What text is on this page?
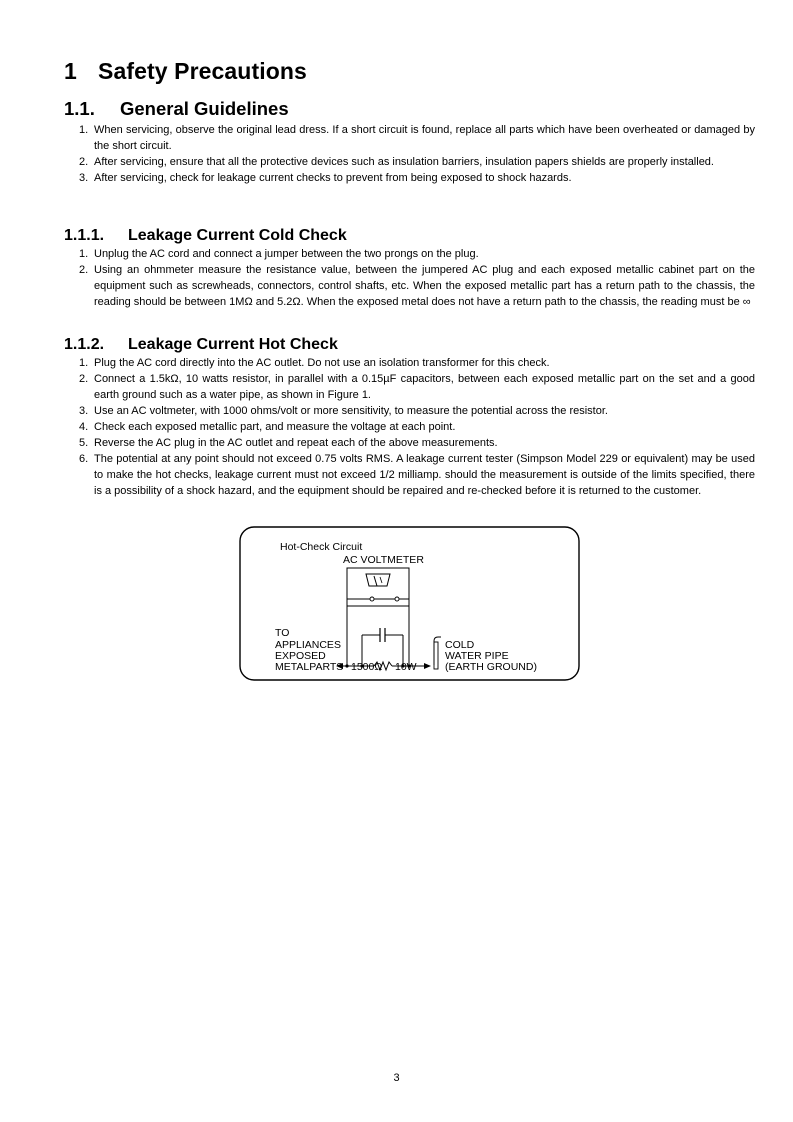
1 Safety Precautions
1.1. General Guidelines
1. When servicing, observe the original lead dress. If a short circuit is found, replace all parts which have been overheated or damaged by the short circuit.
2. After servicing, ensure that all the protective devices such as insulation barriers, insulation papers shields are properly installed.
3. After servicing, check for leakage current checks to prevent from being exposed to shock hazards.
1.1.1. Leakage Current Cold Check
1. Unplug the AC cord and connect a jumper between the two prongs on the plug.
2. Using an ohmmeter measure the resistance value, between the jumpered AC plug and each exposed metallic cabinet part on the equipment such as screwheads, connectors, control shafts, etc. When the exposed metallic part has a return path to the chassis, the reading should be between 1MΩ and 5.2Ω. When the exposed metal does not have a return path to the chassis, the reading must be ∞
1.1.2. Leakage Current Hot Check
1. Plug the AC cord directly into the AC outlet. Do not use an isolation transformer for this check.
2. Connect a 1.5kΩ, 10 watts resistor, in parallel with a 0.15µF capacitors, between each exposed metallic part on the set and a good earth ground such as a water pipe, as shown in Figure 1.
3. Use an AC voltmeter, with 1000 ohms/volt or more sensitivity, to measure the potential across the resistor.
4. Check each exposed metallic part, and measure the voltage at each point.
5. Reverse the AC plug in the AC outlet and repeat each of the above measurements.
6. The potential at any point should not exceed 0.75 volts RMS. A leakage current tester (Simpson Model 229 or equivalent) may be used to make the hot checks, leakage current must not exceed 1/2 milliamp. should the measurement is outside of the limits specified, there is a possibility of a shock hazard, and the equipment should be repaired and re-checked before it is returned to the customer.
Hot-Check Circuit
AC VOLTMETER
TO
APPLIANCES
EXPOSED
METALPARTS 1500Ω 10W
COLD
WATER PIPE
(EARTH GROUND)
3
